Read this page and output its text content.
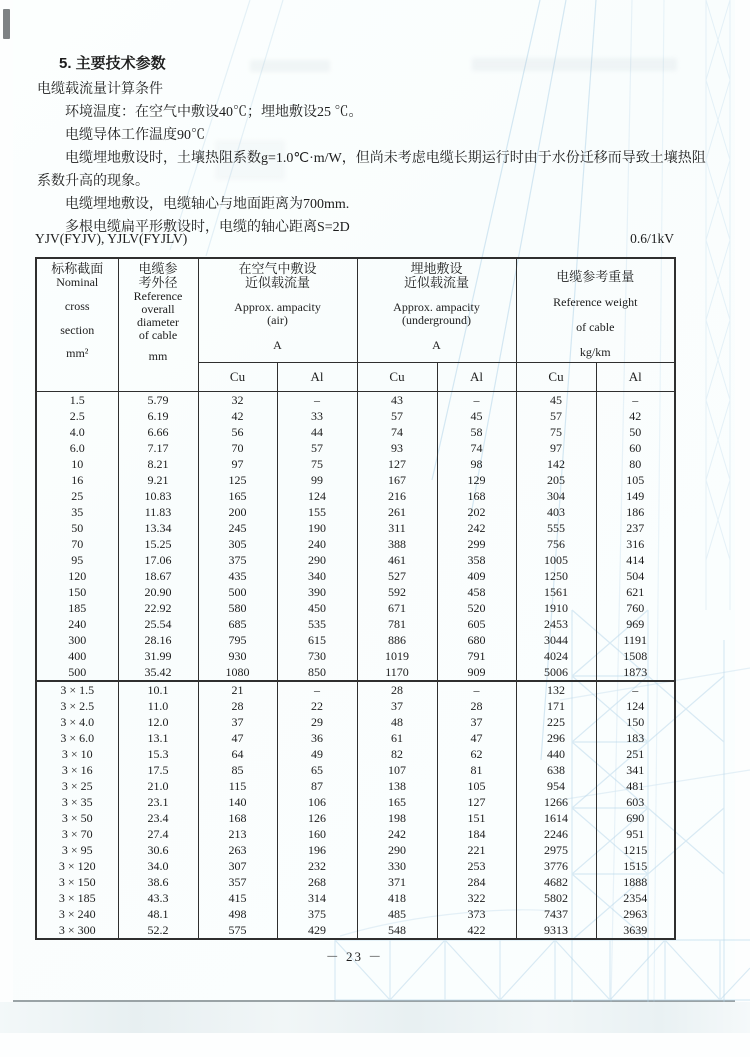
5. 主要技术参数

电缆载流量计算条件

环境温度：在空气中敷设40℃；埋地敷设25 ℃。

电缆导体工作温度90℃

电缆埋地敷设时，土壤热阻系数g=1.0℃·m/W，但尚未考虑电缆长期运行时由于水份迁移而导致土壤热阻系数升高的现象。

电缆埋地敷设，电缆轴心与地面距离为700mm.

多根电缆扁平形敷设时，电缆的轴心距离S=2D

YJV(FYJV), YJLV(FYJLV)	0.6/1kV
标称截面
Nominal
cross
section
mm²

电缆参
考外径
Reference
overall
diameter
of cable
mm

在空气中敷设
近似载流量
Approx. ampacity
(air)
A

埋地敷设
近似载流量
Approx. ampacity
(underground)
A

电缆参考重量
Reference weight
of cable
kg/km

		Cu	Al	Cu	Al	Cu	Al
1.5	5.79	32	–	43	–	45	–
2.5	6.19	42	33	57	45	57	42
4.0	6.66	56	44	74	58	75	50
6.0	7.17	70	57	93	74	97	60
10	8.21	97	75	127	98	142	80
16	9.21	125	99	167	129	205	105
25	10.83	165	124	216	168	304	149
35	11.83	200	155	261	202	403	186
50	13.34	245	190	311	242	555	237
70	15.25	305	240	388	299	756	316
95	17.06	375	290	461	358	1005	414
120	18.67	435	340	527	409	1250	504
150	20.90	500	390	592	458	1561	621
185	22.92	580	450	671	520	1910	760
240	25.54	685	535	781	605	2453	969
300	28.16	795	615	886	680	3044	1191
400	31.99	930	730	1019	791	4024	1508
500	35.42	1080	850	1170	909	5006	1873
3 × 1.5	10.1	21	–	28	–	132	–
3 × 2.5	11.0	28	22	37	28	171	124
3 × 4.0	12.0	37	29	48	37	225	150
3 × 6.0	13.1	47	36	61	47	296	183
3 × 10	15.3	64	49	82	62	440	251
3 × 16	17.5	85	65	107	81	638	341
3 × 25	21.0	115	87	138	105	954	481
3 × 35	23.1	140	106	165	127	1266	603
3 × 50	23.4	168	126	198	151	1614	690
3 × 70	27.4	213	160	242	184	2246	951
3 × 95	30.6	263	196	290	221	2975	1215
3 × 120	34.0	307	232	330	253	3776	1515
3 × 150	38.6	357	268	371	284	4682	1888
3 × 185	43.3	415	314	418	322	5802	2354
3 × 240	48.1	498	375	485	373	7437	2963
3 × 300	52.2	575	429	548	422	9313	3639
－ 23 －
